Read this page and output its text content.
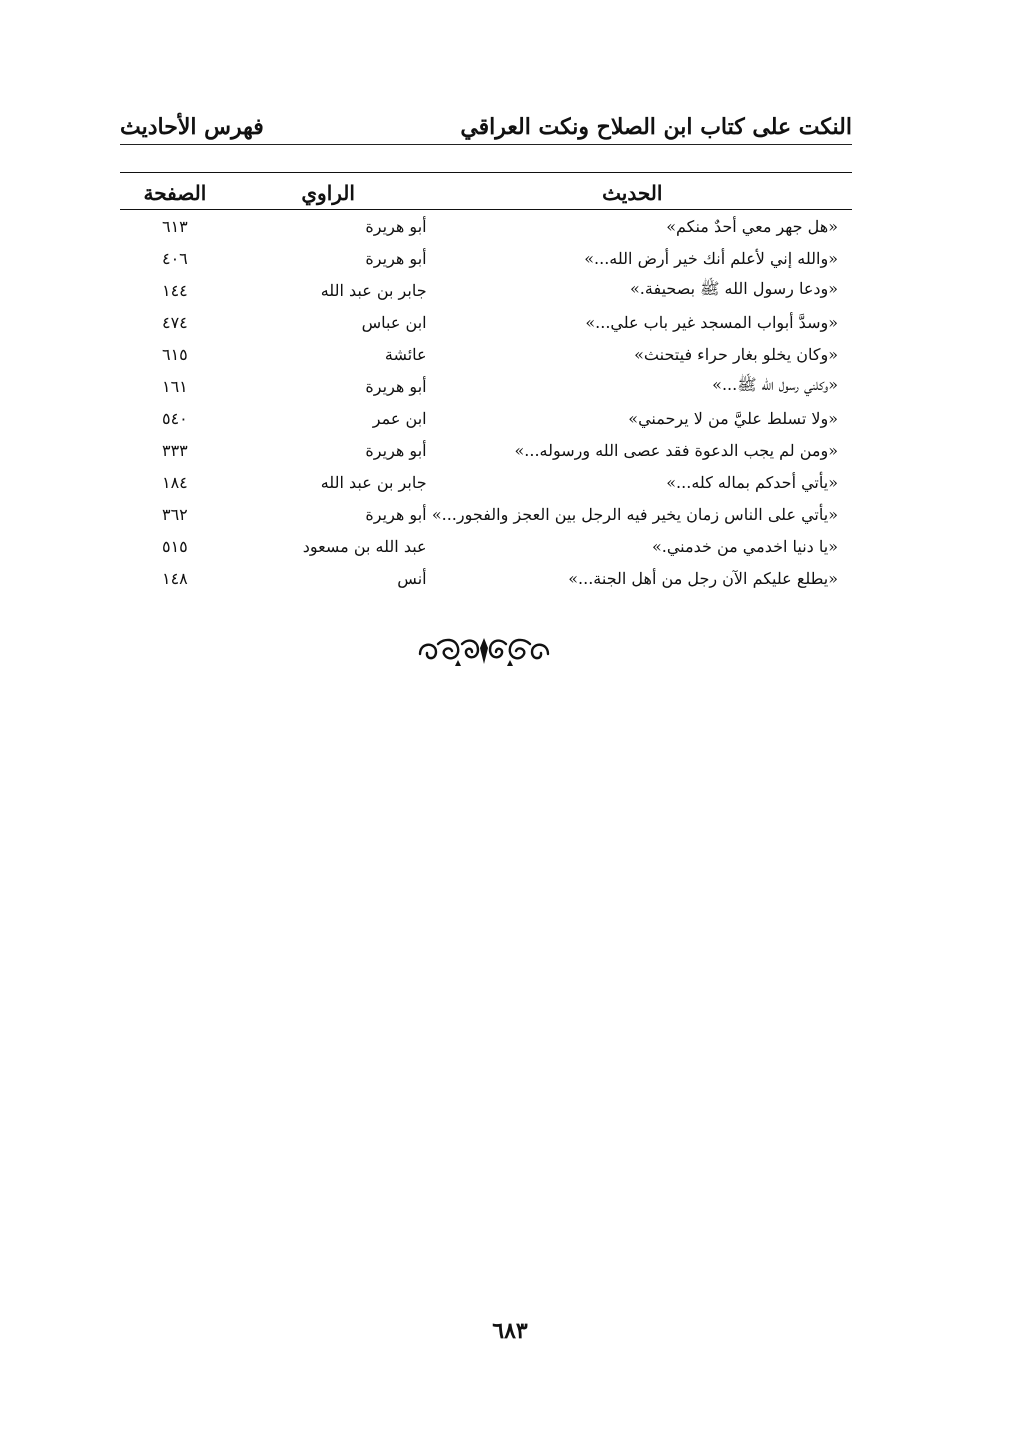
النكت على كتاب ابن الصلاح ونكت العراقي
فهرس الأحاديث
الحديث	الراوي	الصفحة
«هل جهر معي أحدٌ منكم»	أبو هريرة	٦١٣
«والله إني لأعلم أنك خير أرض الله...»	أبو هريرة	٤٠٦
«ودعا رسول الله ﷺ بصحيفة.»	جابر بن عبد الله	١٤٤
«وسدَّ أبواب المسجد غير باب علي...»	ابن عباس	٤٧٤
«وكان يخلو بغار حراء فيتحنث»	عائشة	٦١٥
«وكلني رسول الله ﷺ...»	أبو هريرة	١٦١
«ولا تسلط عليَّ من لا يرحمني»	ابن عمر	٥٤٠
«ومن لم يجب الدعوة فقد عصى الله ورسوله...»	أبو هريرة	٣٣٣
«يأتي أحدكم بماله كله...»	جابر بن عبد الله	١٨٤
«يأتي على الناس زمان يخير فيه الرجل بين العجز والفجور...»	أبو هريرة	٣٦٢
«يا دنيا اخدمي من خدمني.»	عبد الله بن مسعود	٥١٥
«يطلع عليكم الآن رجل من أهل الجنة...»	أنس	١٤٨
٦٨٣
